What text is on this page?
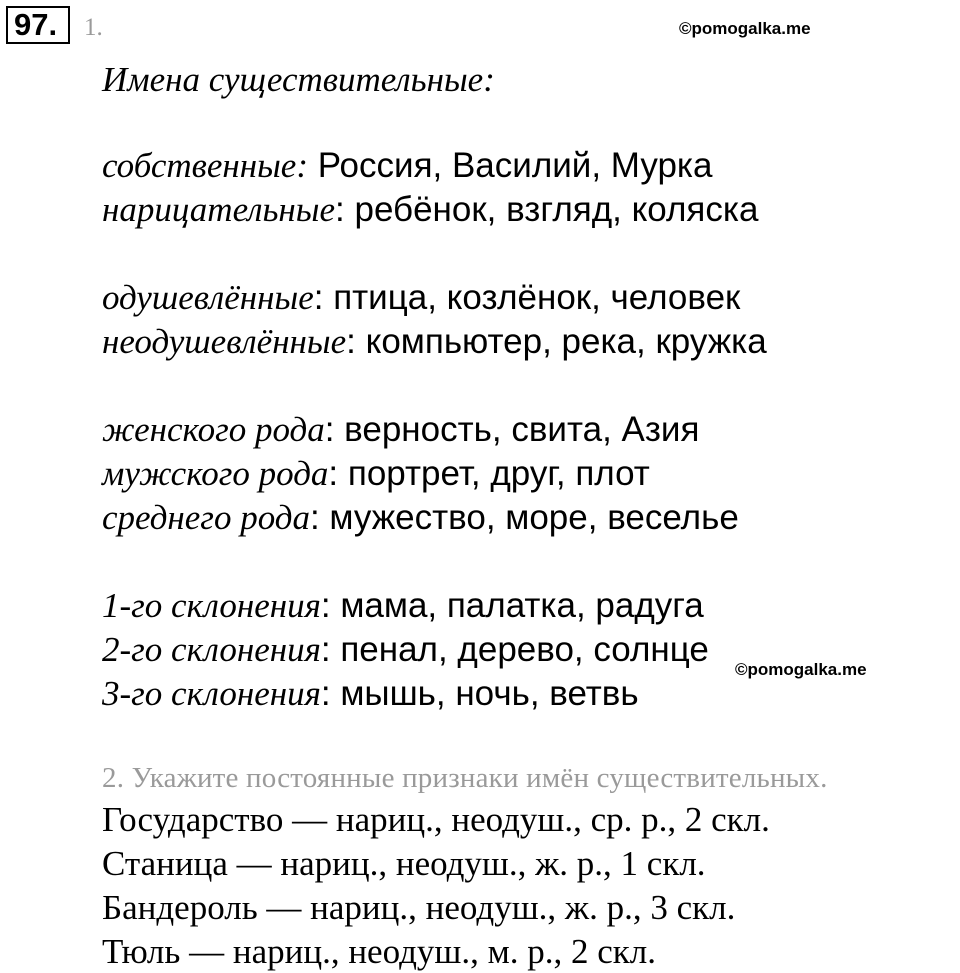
97.	1.	©pomogalka.me
Имена существительные:
собственные: Россия, Василий, Мурка
нарицательные: ребёнок, взгляд, коляска
одушевлённые: птица, козлёнок, человек
неодушевлённые: компьютер, река, кружка
женского рода: верность, свита, Азия
мужского рода: портрет, друг, плот
среднего рода: мужество, море, веселье
1-го склонения: мама, палатка, радуга
2-го склонения: пенал, дерево, солнце
3-го склонения: мышь, ночь, ветвь
©pomogalka.me
2. Укажите постоянные признаки имён существительных.
Государство — нариц., неодуш., ср. р., 2 скл.
Станица — нариц., неодуш., ж. р., 1 скл.
Бандероль — нариц., неодуш., ж. р., 3 скл.
Тюль — нариц., неодуш., м. р., 2 скл.
